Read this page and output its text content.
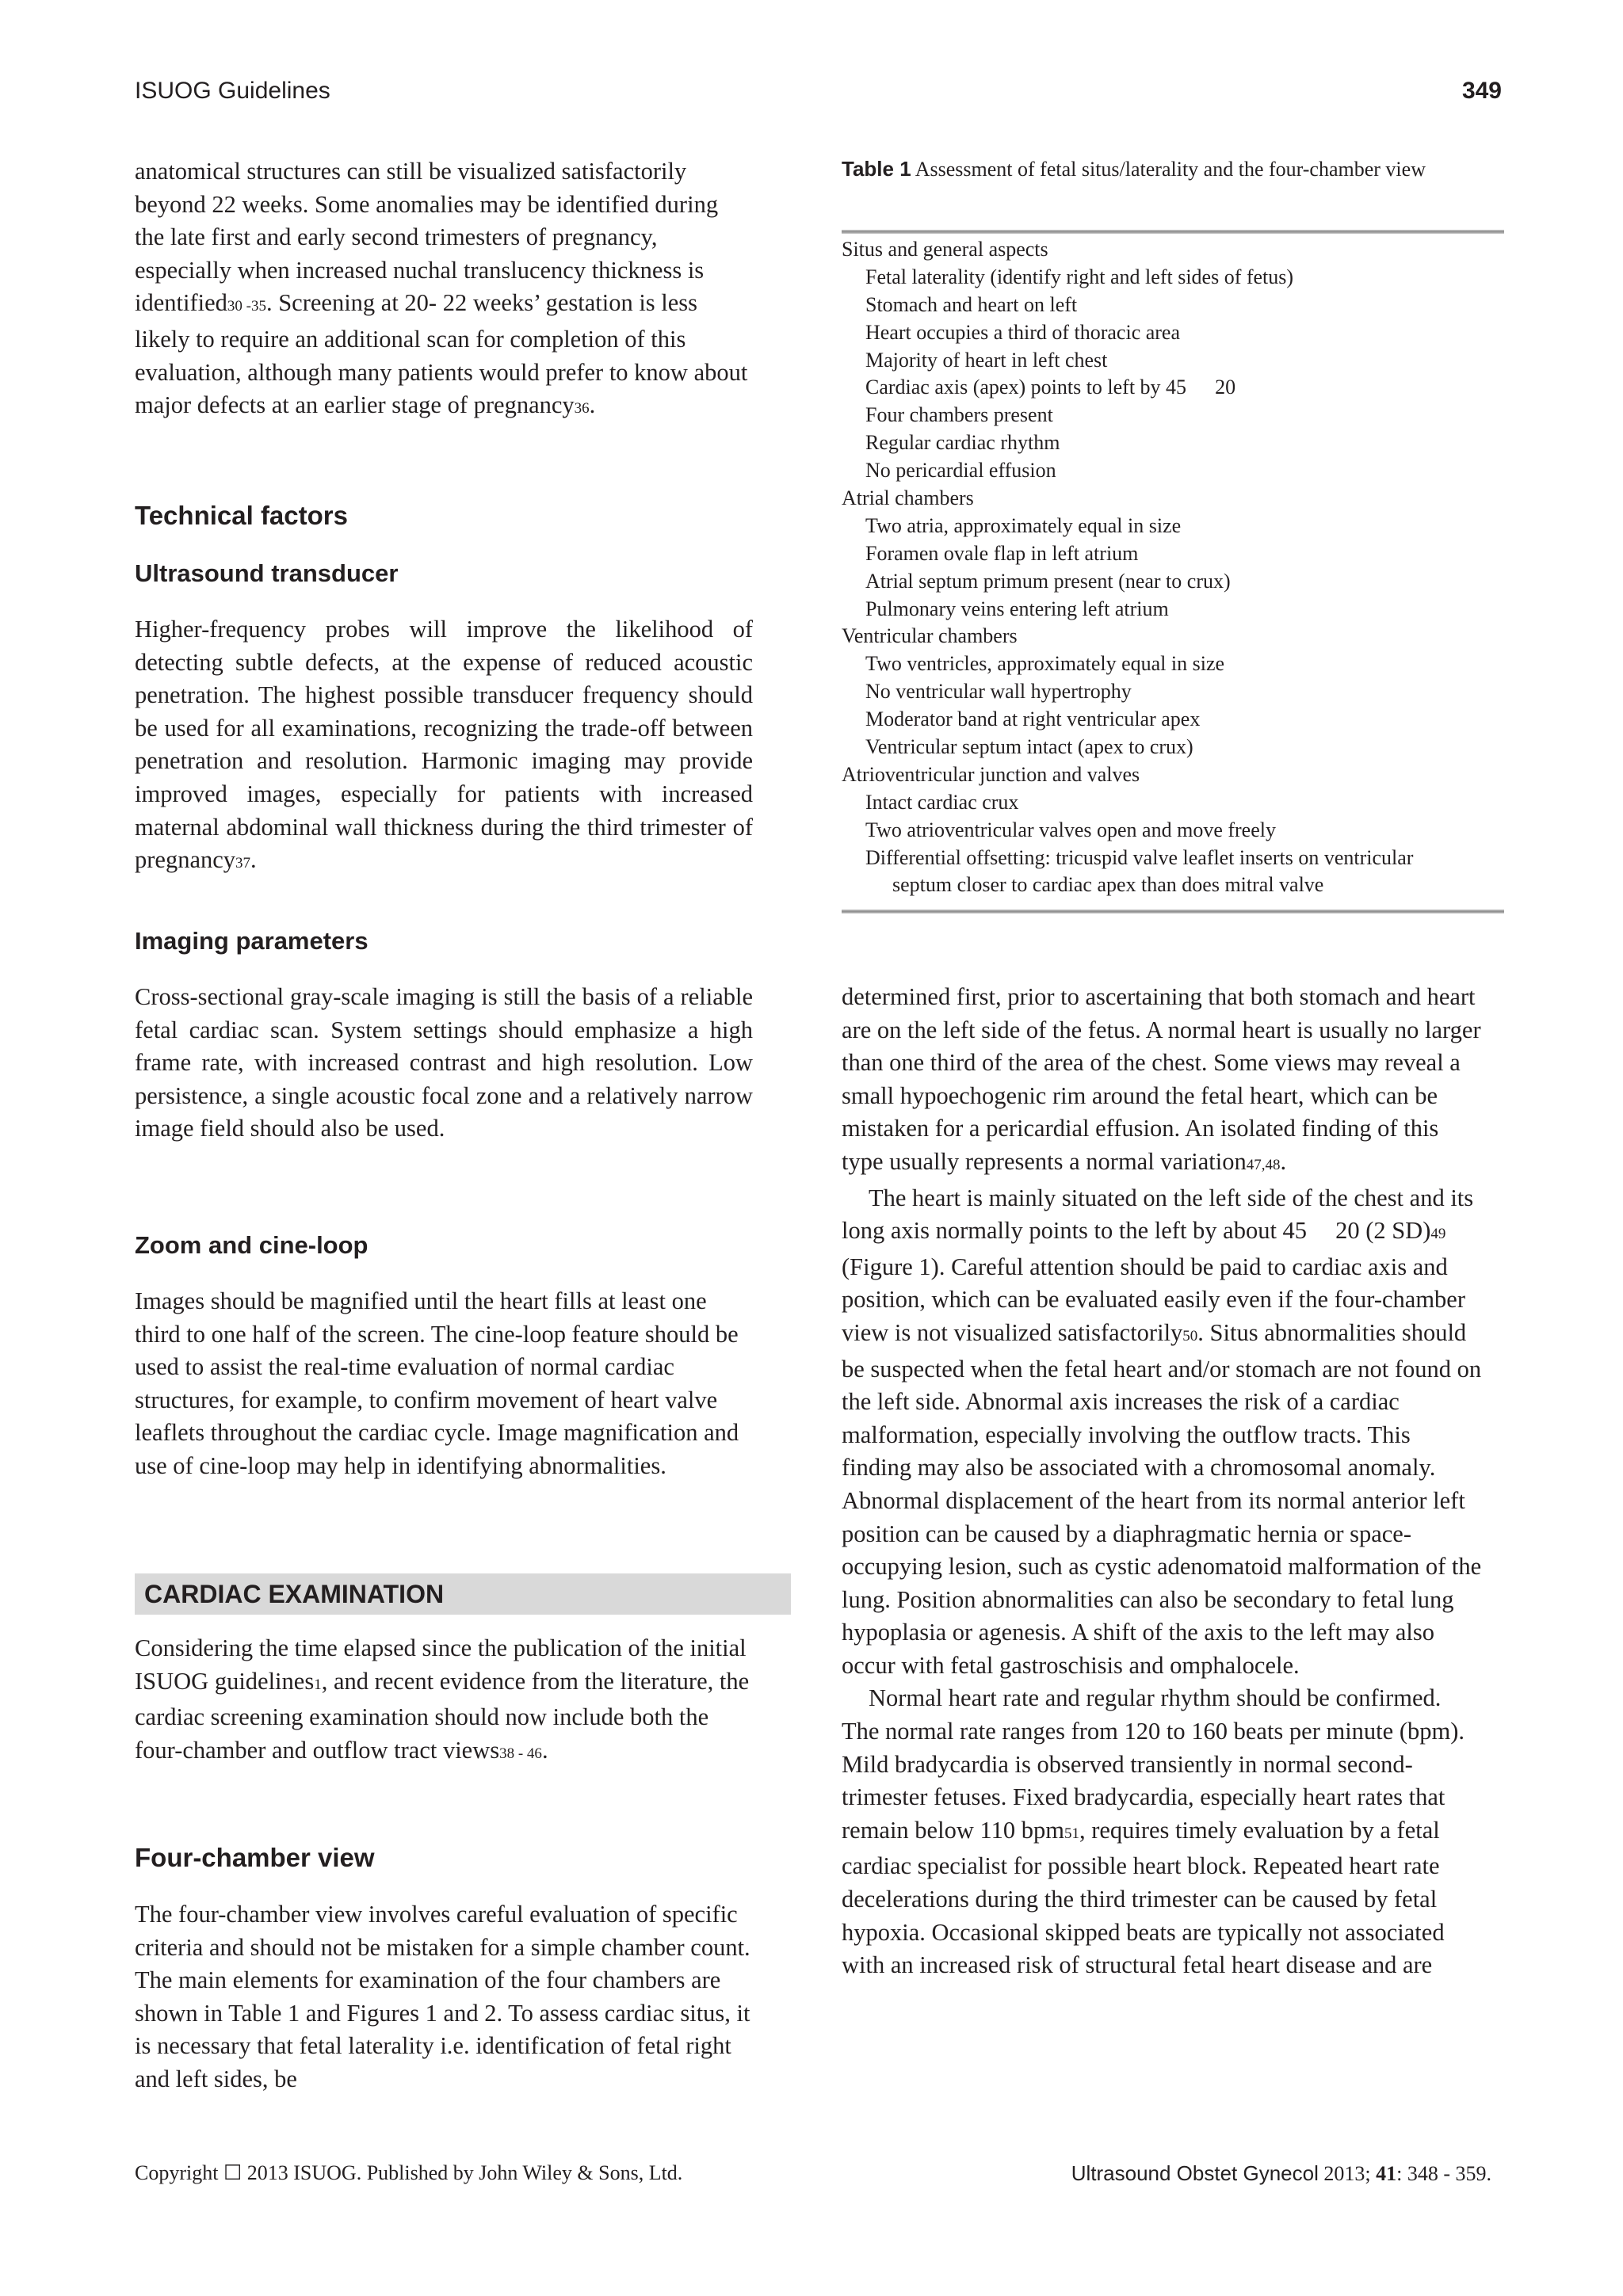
ISUOG Guidelines	349

anatomical structures can still be visualized satisfactorily beyond 22 weeks. Some anomalies may be identified during the late first and early second trimesters of pregnancy, especially when increased nuchal translucency thickness is identified30 -35. Screening at 20- 22 weeks’ gestation is less likely to require an additional scan for completion of this evaluation, although many patients would prefer to know about major defects at an earlier stage of pregnancy36.

Technical factors
Ultrasound transducer

Higher-frequency probes will improve the likelihood of detecting subtle defects, at the expense of reduced acoustic penetration. The highest possible transducer frequency should be used for all examinations, recognizing the trade-off between penetration and resolution. Harmonic imaging may provide improved images, especially for patients with increased maternal abdominal wall thickness during the third trimester of pregnancy37.

Imaging parameters

Cross-sectional gray-scale imaging is still the basis of a reliable fetal cardiac scan. System settings should emphasize a high frame rate, with increased contrast and high resolution. Low persistence, a single acoustic focal zone and a relatively narrow image field should also be used.

Zoom and cine-loop

Images should be magnified until the heart fills at least one third to one half of the screen. The cine-loop feature should be used to assist the real-time evaluation of normal cardiac structures, for example, to confirm movement of heart valve leaflets throughout the cardiac cycle. Image magnification and use of cine-loop may help in identifying abnormalities.

CARDIAC EXAMINATION

Considering the time elapsed since the publication of the initial ISUOG guidelines1, and recent evidence from the literature, the cardiac screening examination should now include both the four-chamber and outflow tract views38 - 46.

Four-chamber view

The four-chamber view involves careful evaluation of specific criteria and should not be mistaken for a simple chamber count. The main elements for examination of the four chambers are shown in Table 1 and Figures 1 and 2. To assess cardiac situs, it is necessary that fetal laterality i.e. identification of fetal right and left sides, be

Table 1 Assessment of fetal situs/laterality and the four-chamber view
Situs and general aspects
Fetal laterality (identify right and left sides of fetus)
Stomach and heart on left
Heart occupies a third of thoracic area
Majority of heart in left chest
Cardiac axis (apex) points to left by 45 20
Four chambers present
Regular cardiac rhythm
No pericardial effusion
Atrial chambers
Two atria, approximately equal in size
Foramen ovale flap in left atrium
Atrial septum primum present (near to crux)
Pulmonary veins entering left atrium
Ventricular chambers
Two ventricles, approximately equal in size
No ventricular wall hypertrophy
Moderator band at right ventricular apex
Ventricular septum intact (apex to crux)
Atrioventricular junction and valves
Intact cardiac crux
Two atrioventricular valves open and move freely
Differential offsetting: tricuspid valve leaflet inserts on ventricular
septum closer to cardiac apex than does mitral valve

determined first, prior to ascertaining that both stomach and heart are on the left side of the fetus. A normal heart is usually no larger than one third of the area of the chest. Some views may reveal a small hypoechogenic rim around the fetal heart, which can be mistaken for a pericardial effusion. An isolated finding of this type usually represents a normal variation47,48.

The heart is mainly situated on the left side of the chest and its long axis normally points to the left by about 45 20 (2 SD)49 (Figure 1). Careful attention should be paid to cardiac axis and position, which can be evaluated easily even if the four-chamber view is not visualized satisfactorily50. Situs abnormalities should be suspected when the fetal heart and/or stomach are not found on the left side. Abnormal axis increases the risk of a cardiac malformation, especially involving the outflow tracts. This finding may also be associated with a chromosomal anomaly. Abnormal displacement of the heart from its normal anterior left position can be caused by a diaphragmatic hernia or space-occupying lesion, such as cystic adenomatoid malformation of the lung. Position abnormalities can also be secondary to fetal lung hypoplasia or agenesis. A shift of the axis to the left may also occur with fetal gastroschisis and omphalocele.

Normal heart rate and regular rhythm should be confirmed. The normal rate ranges from 120 to 160 beats per minute (bpm). Mild bradycardia is observed transiently in normal second-trimester fetuses. Fixed bradycardia, especially heart rates that remain below 110 bpm51, requires timely evaluation by a fetal cardiac specialist for possible heart block. Repeated heart rate decelerations during the third trimester can be caused by fetal hypoxia. Occasional skipped beats are typically not associated with an increased risk of structural fetal heart disease and are

Copyright ☐ 2013 ISUOG. Published by John Wiley & Sons, Ltd.	Ultrasound Obstet Gynecol 2013; 41: 348 - 359.
